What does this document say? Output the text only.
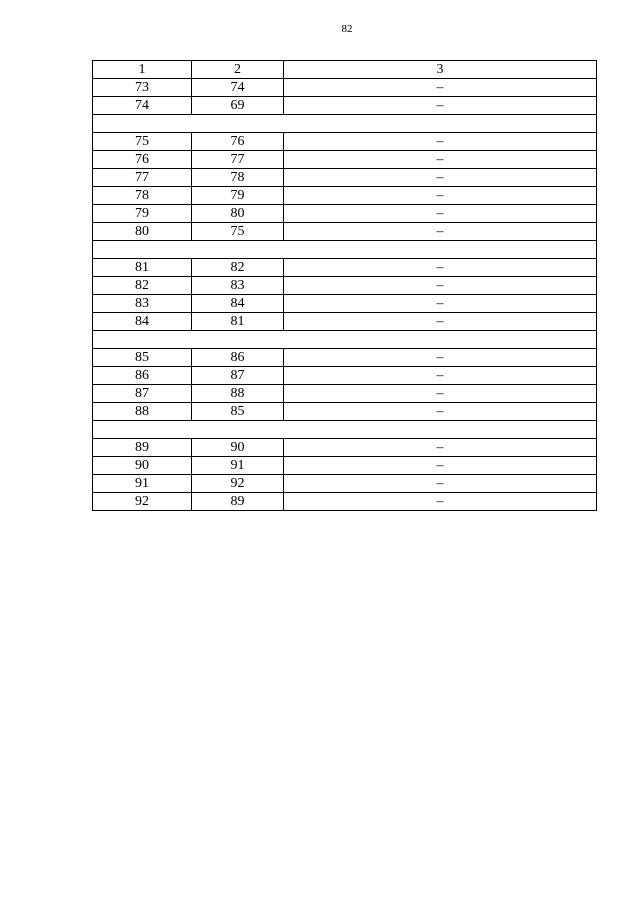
82
1	2	3
73	74	–
74	69	–

75	76	–
76	77	–
77	78	–
78	79	–
79	80	–
80	75	–

81	82	–
82	83	–
83	84	–
84	81	–

85	86	–
86	87	–
87	88	–
88	85	–

89	90	–
90	91	–
91	92	–
92	89	–
